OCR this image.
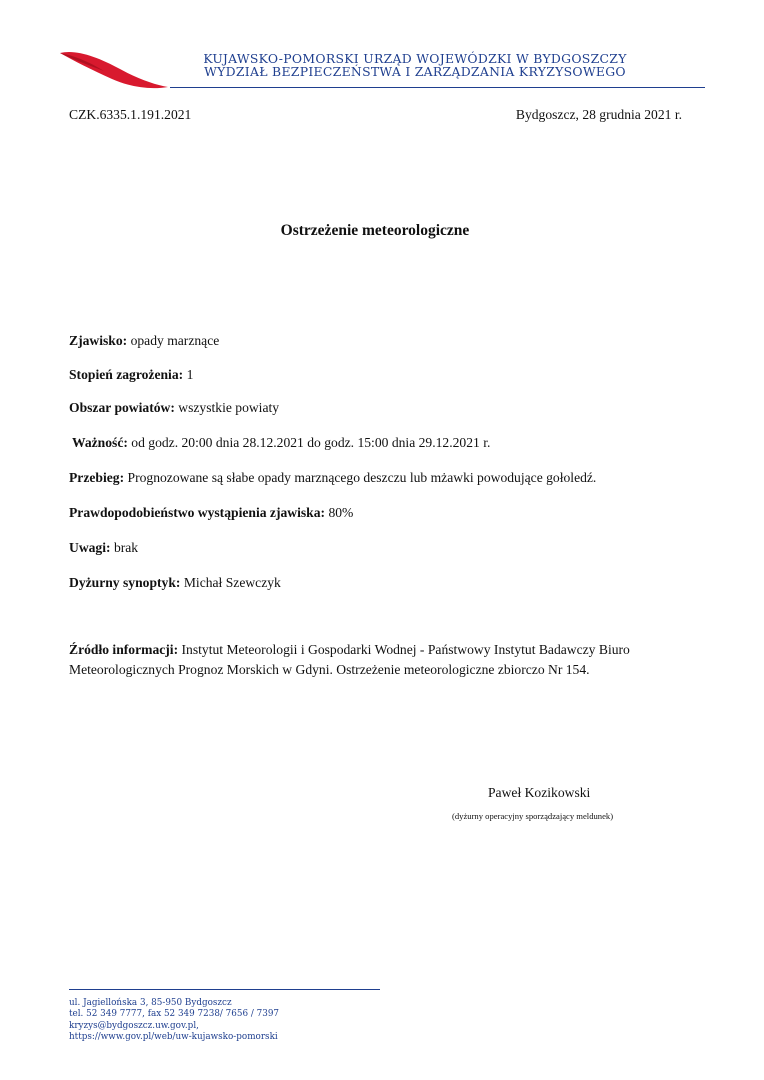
KUJAWSKO-POMORSKI URZĄD WOJEWÓDZKI W BYDGOSZCZY
WYDZIAŁ BEZPIECZEŃSTWA I ZARZĄDZANIA KRYZYSOWEGO
CZK.6335.1.191.2021	Bydgoszcz, 28 grudnia 2021 r.
Ostrzeżenie meteorologiczne
Zjawisko: opady marznące
Stopień zagrożenia: 1
Obszar powiatów: wszystkie powiaty
Ważność: od godz. 20:00 dnia 28.12.2021 do godz. 15:00 dnia 29.12.2021 r.
Przebieg: Prognozowane są słabe opady marznącego deszczu lub mżawki powodujące gołoledź.
Prawdopodobieństwo wystąpienia zjawiska: 80%
Uwagi: brak
Dyżurny synoptyk: Michał Szewczyk
Źródło informacji: Instytut Meteorologii i Gospodarki Wodnej - Państwowy Instytut Badawczy Biuro Meteorologicznych Prognoz Morskich w Gdyni. Ostrzeżenie meteorologiczne zbiorczo Nr 154.
Paweł Kozikowski
(dyżurny operacyjny sporządzający meldunek)
ul. Jagiellońska 3, 85-950 Bydgoszcz
tel. 52 349 7777, fax 52 349 7238/ 7656 / 7397
kryzys@bydgoszcz.uw.gov.pl,
https://www.gov.pl/web/uw-kujawsko-pomorski
